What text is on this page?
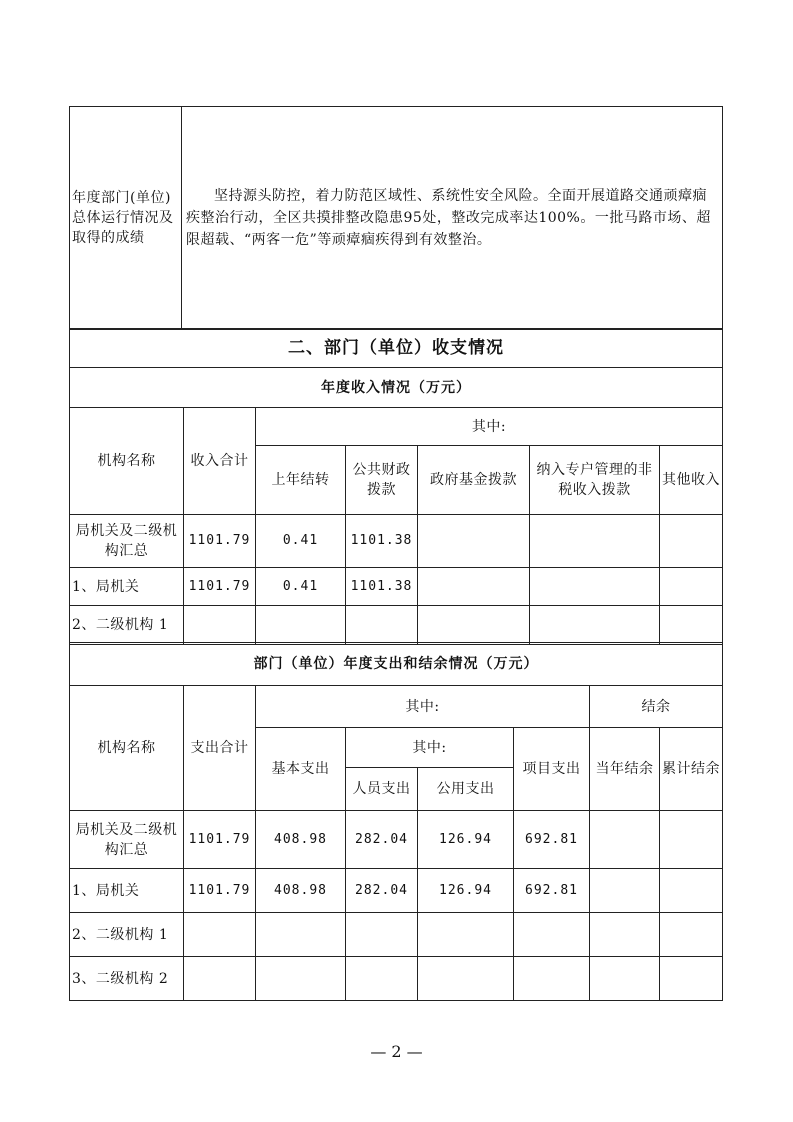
年度部门(单位)总体运行情况及取得的成绩	坚持源头防控，着力防范区域性、系统性安全风险。全面开展道路交通顽瘴痼疾整治行动，全区共摸排整改隐患95处，整改完成率达100%。一批马路市场、超限超载、“两客一危”等顽瘴痼疾得到有效整治。
二、部门（单位）收支情况						
年度收入情况（万元）						
机构名称	收入合计	其中:				
		上年结转	公共财政拨款	政府基金拨款	纳入专户管理的非税收入拨款	其他收入
局机关及二级机构汇总	1101.79	0.41	1101.38			
1、局机关	1101.79	0.41	1101.38			
2、二级机构 1						
部门（单位）年度支出和结余情况（万元）							
机构名称	支出合计	其中:				结余	
		基本支出	其中:		项目支出	当年结余	累计结余
			人员支出	公用支出			
局机关及二级机构汇总	1101.79	408.98	282.04	126.94	692.81		
1、局机关	1101.79	408.98	282.04	126.94	692.81		
2、二级机构 1							
3、二级机构 2							
— 2 —
